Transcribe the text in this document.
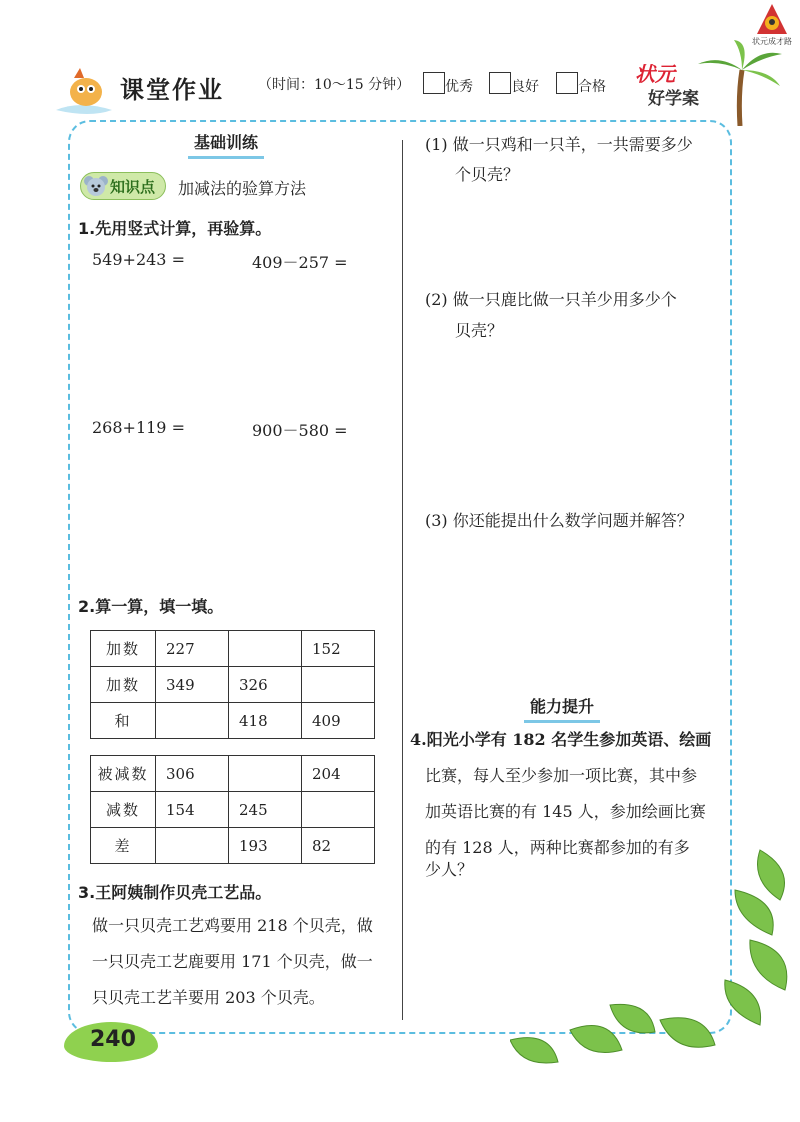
状元成才路
课堂作业 （时间：10～15 分钟） 优秀	良好	合格
状元
好学案
基础训练
知识点 加减法的验算方法
1.先用竖式计算，再验算。
549+243 =	409－257 =
268+119 =	900－580 =
2.算一算，填一填。
加数	227		152
加数	349	326	
和		418	409
被减数	306		204
减数	154	245	
差		193	82
3.王阿姨制作贝壳工艺品。
做一只贝壳工艺鸡要用 218 个贝壳，做
一只贝壳工艺鹿要用 171 个贝壳，做一
只贝壳工艺羊要用 203 个贝壳。
(1) 做一只鸡和一只羊，一共需要多少
个贝壳？
(2) 做一只鹿比做一只羊少用多少个
贝壳？
(3) 你还能提出什么数学问题并解答？
能力提升
4.阳光小学有 182 名学生参加英语、绘画
比赛，每人至少参加一项比赛，其中参
加英语比赛的有 145 人，参加绘画比赛
的有 128 人，两种比赛都参加的有多
少人？
240
